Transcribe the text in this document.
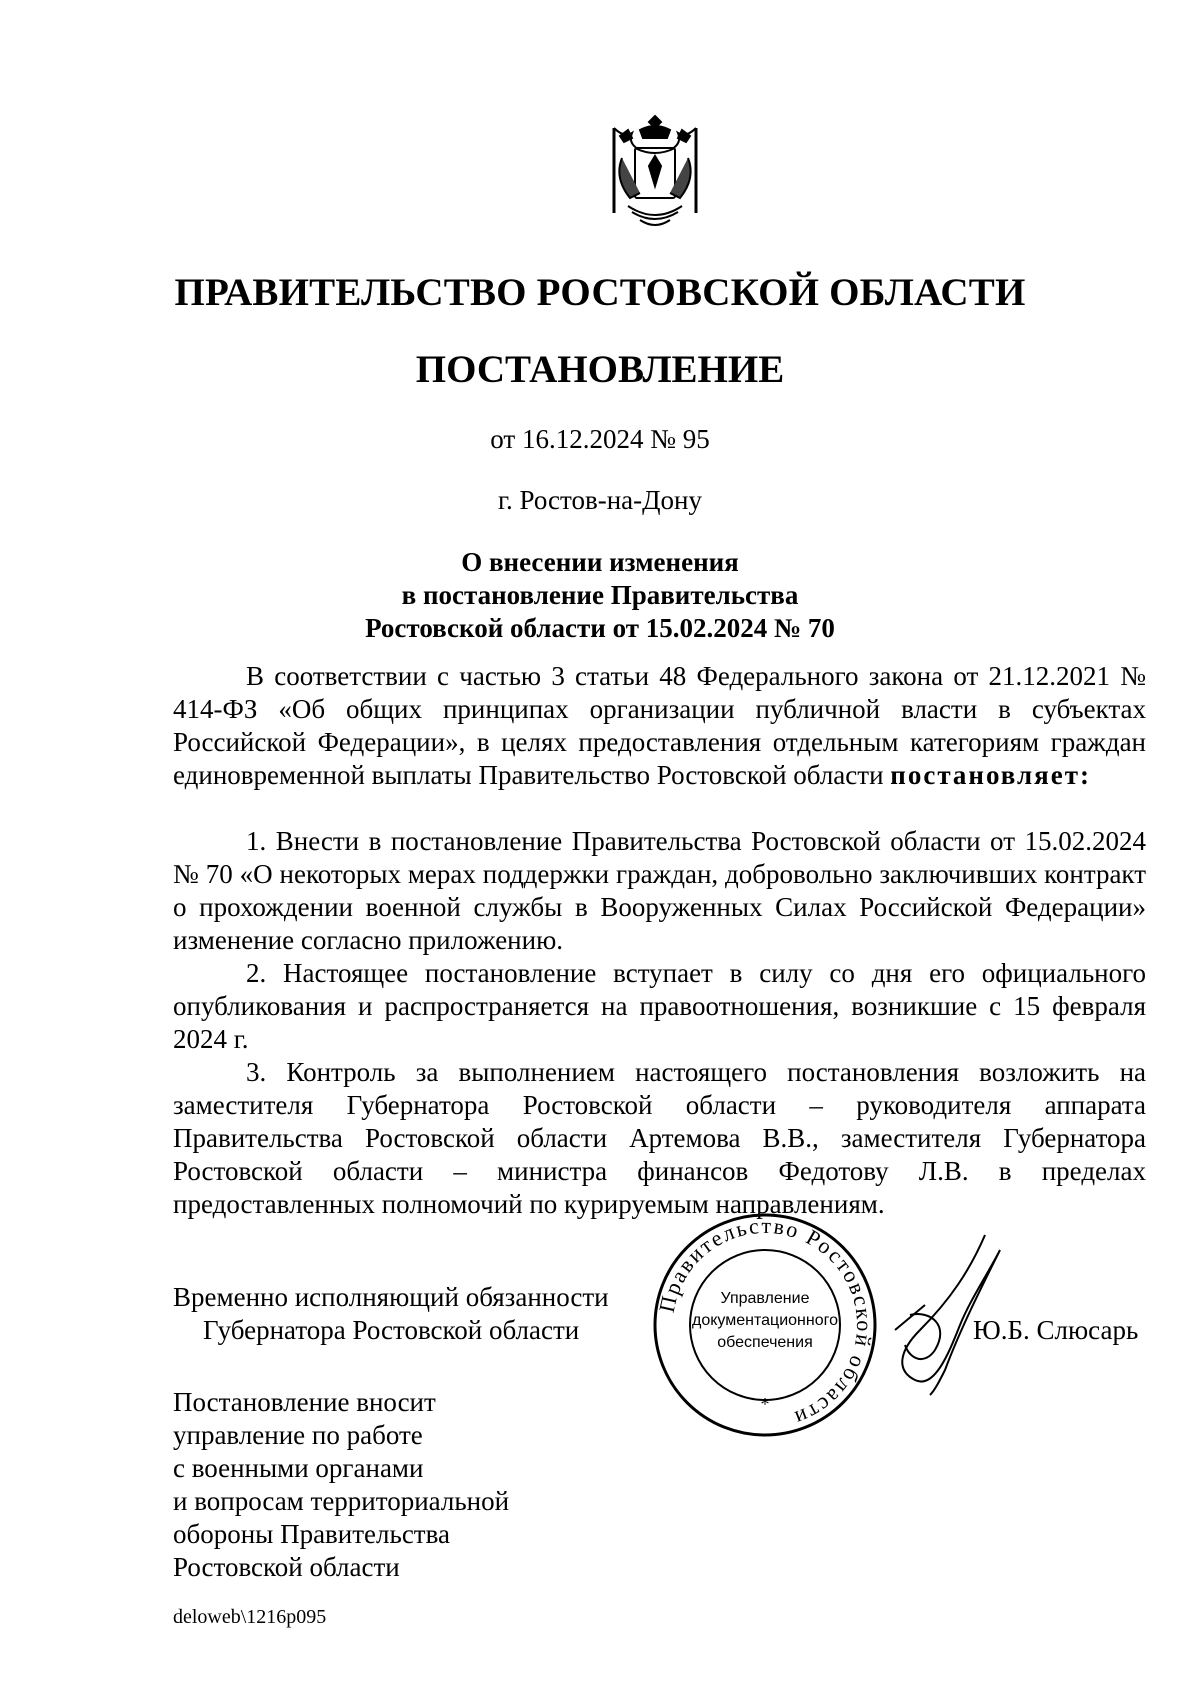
ПРАВИТЕЛЬСТВО РОСТОВСКОЙ ОБЛАСТИ
ПОСТАНОВЛЕНИЕ
от 16.12.2024 № 95
г. Ростов-на-Дону
О внесении изменения
в постановление Правительства
Ростовской области от 15.02.2024 № 70

В соответствии с частью 3 статьи 48 Федерального закона от 21.12.2021 № 414-ФЗ «Об общих принципах организации публичной власти в субъектах Российской Федерации», в целях предоставления отдельным категориям граждан единовременной выплаты Правительство Ростовской области постановляет:

1. Внести в постановление Правительства Ростовской области от 15.02.2024 № 70 «О некоторых мерах поддержки граждан, добровольно заключивших контракт о прохождении военной службы в Вооруженных Силах Российской Федерации» изменение согласно приложению.

2. Настоящее постановление вступает в силу со дня его официального опубликования и распространяется на правоотношения, возникшие с 15 февраля 2024 г.

3. Контроль за выполнением настоящего постановления возложить на заместителя Губернатора Ростовской области – руководителя аппарата Правительства Ростовской области Артемова В.В., заместителя Губернатора Ростовской области – министра финансов Федотову Л.В. в пределах предоставленных полномочий по курируемым направлениям.

Правительство Ростовской области
*
Управление
документационного
обеспечения
Временно исполняющий обязанности
Губернатора Ростовской области	Ю.Б. Слюсарь
Постановление вносит
управление по работе
с военными органами
и вопросам территориальной
обороны Правительства
Ростовской области
deloweb\1216p095
